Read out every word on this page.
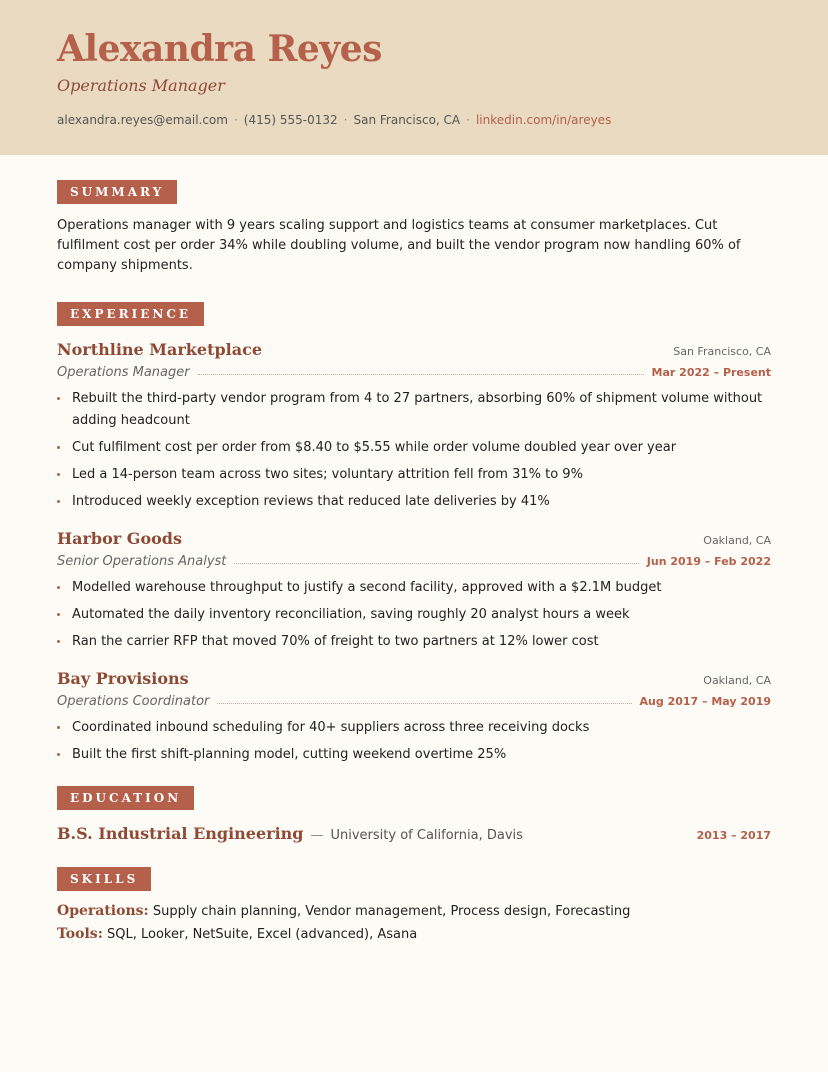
Alexandra Reyes
Operations Manager
alexandra.reyes@email.com · (415) 555-0132 · San Francisco, CA · linkedin.com/in/areyes
SUMMARY
Operations manager with 9 years scaling support and logistics teams at consumer marketplaces. Cut fulfilment cost per order 34% while doubling volume, and built the vendor program now handling 60% of company shipments.
EXPERIENCE
Northline Marketplace	San Francisco, CA
Operations Manager	Mar 2022 – Present
Rebuilt the third-party vendor program from 4 to 27 partners, absorbing 60% of shipment volume without adding headcount
Cut fulfilment cost per order from $8.40 to $5.55 while order volume doubled year over year
Led a 14-person team across two sites; voluntary attrition fell from 31% to 9%
Introduced weekly exception reviews that reduced late deliveries by 41%
Harbor Goods	Oakland, CA
Senior Operations Analyst	Jun 2019 – Feb 2022
Modelled warehouse throughput to justify a second facility, approved with a $2.1M budget
Automated the daily inventory reconciliation, saving roughly 20 analyst hours a week
Ran the carrier RFP that moved 70% of freight to two partners at 12% lower cost
Bay Provisions	Oakland, CA
Operations Coordinator	Aug 2017 – May 2019
Coordinated inbound scheduling for 40+ suppliers across three receiving docks
Built the first shift-planning model, cutting weekend overtime 25%
EDUCATION
B.S. Industrial Engineering — University of California, Davis	2013 – 2017
SKILLS
Operations: Supply chain planning, Vendor management, Process design, Forecasting
Tools: SQL, Looker, NetSuite, Excel (advanced), Asana
